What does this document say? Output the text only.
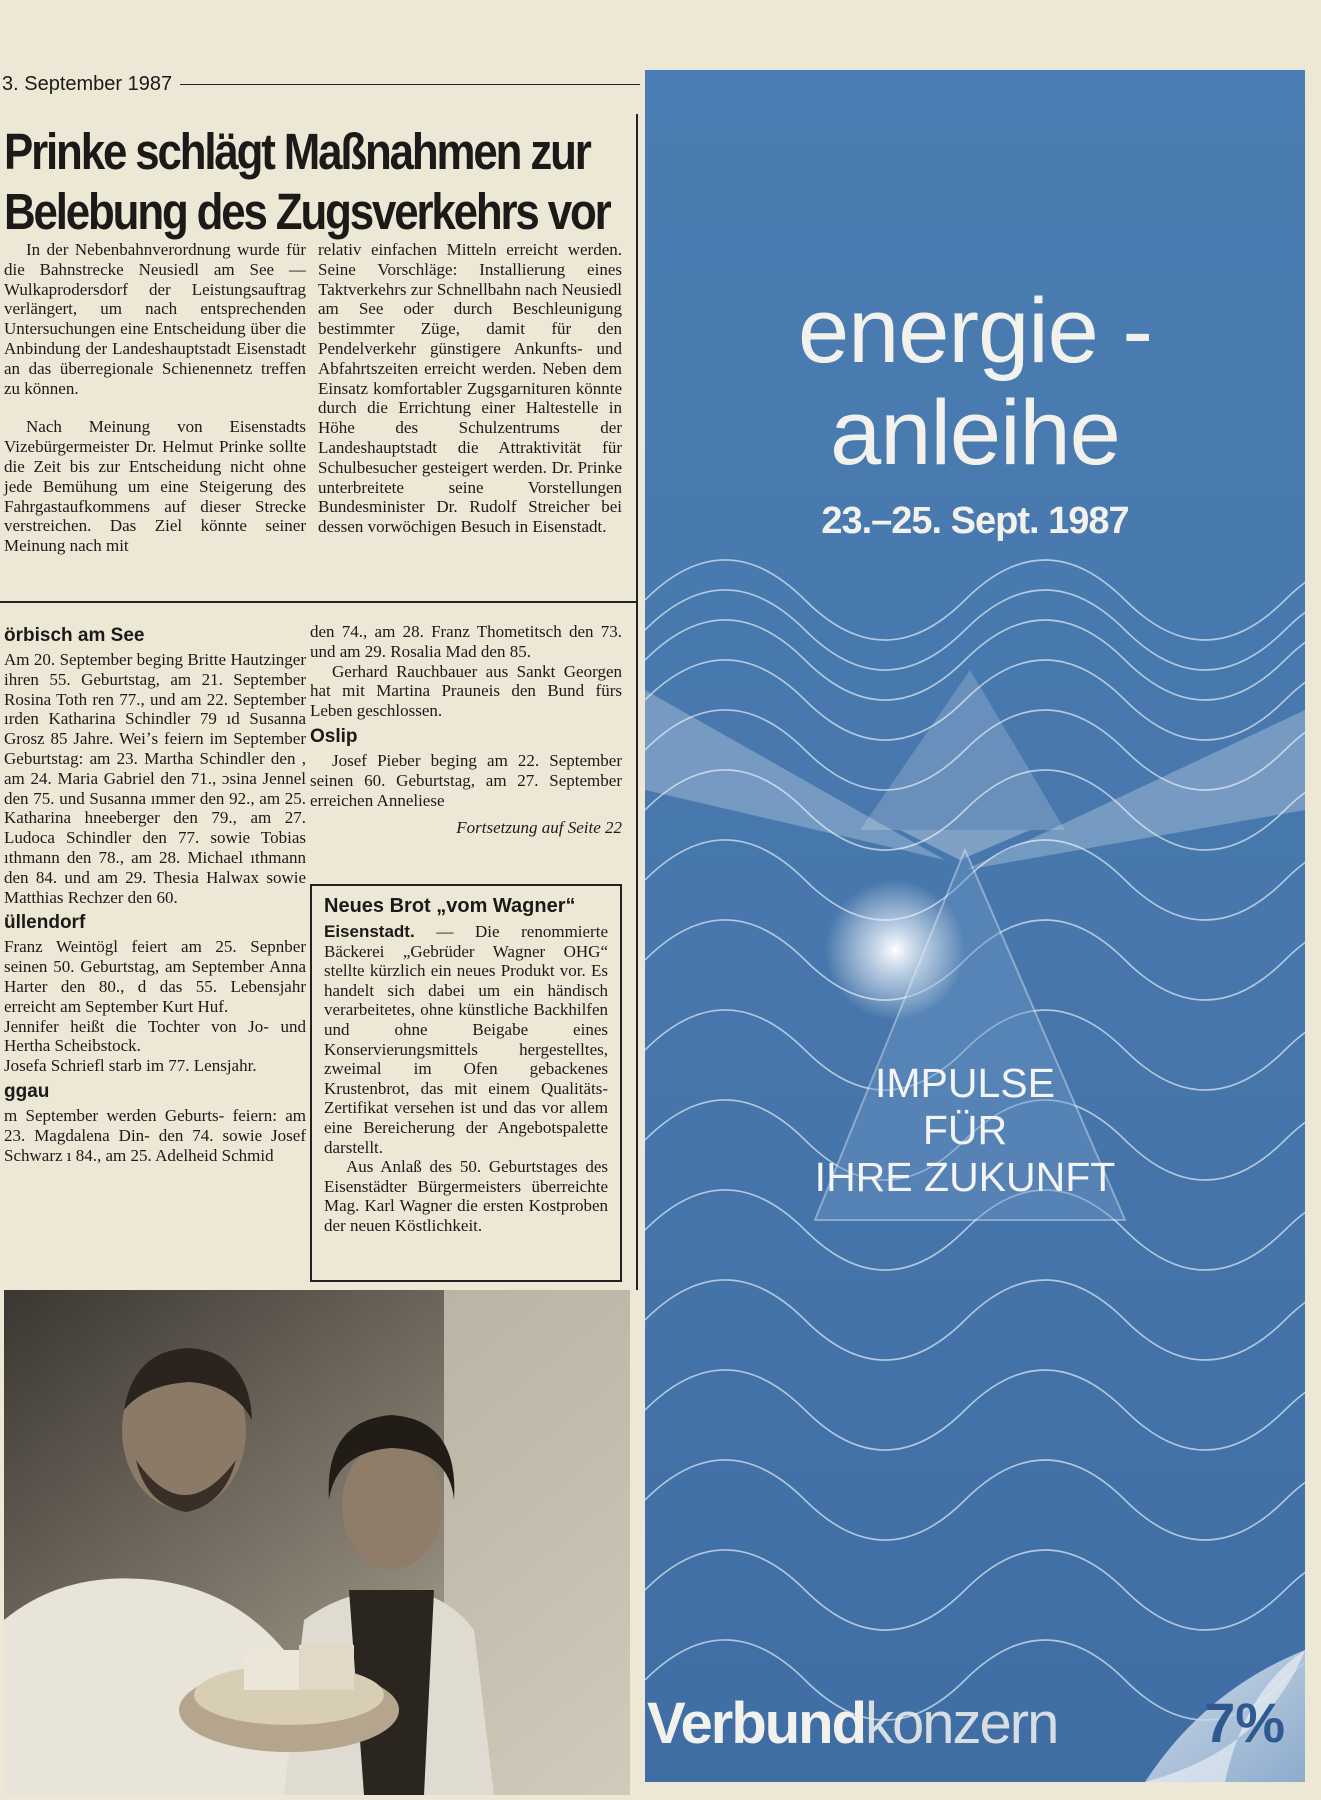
3. September 1987
Prinke schlägt Maßnahmen zur
Belebung des Zugsverkehrs vor

In der Nebenbahnverordnung wurde für die Bahnstrecke Neusiedl am See — Wulkaprodersdorf der Leistungsauftrag verlängert, um nach entsprechenden Untersuchungen eine Entscheidung über die Anbindung der Landeshauptstadt Eisenstadt an das überregionale Schienennetz treffen zu können.

Nach Meinung von Eisenstadts Vizebürgermeister Dr. Helmut Prinke sollte die Zeit bis zur Entscheidung nicht ohne jede Bemühung um eine Steigerung des Fahrgastaufkommens auf dieser Strecke verstreichen. Das Ziel könnte seiner Meinung nach mit

relativ einfachen Mitteln erreicht werden. Seine Vorschläge: Installierung eines Taktverkehrs zur Schnellbahn nach Neusiedl am See oder durch Beschleunigung bestimmter Züge, damit für den Pendelverkehr günstigere Ankunfts- und Abfahrtszeiten erreicht werden. Neben dem Einsatz komfortabler Zugsgarnituren könnte durch die Errichtung einer Haltestelle in Höhe des Schulzentrums der Landeshauptstadt die Attraktivität für Schulbesucher gesteigert werden. Dr. Prinke unterbreitete seine Vorstellungen Bundesminister Dr. Rudolf Streicher bei dessen vorwöchigen Besuch in Eisenstadt.

örbisch am See

Am 20. September beging Britte Hautzinger ihren 55. Geburtstag, am 21. September Rosina Toth ren 77., und am 22. September ırden Katharina Schindler 79 ıd Susanna Grosz 85 Jahre. Weiʼs feiern im September Geburtstag: am 23. Martha Schindler den , am 24. Maria Gabriel den 71., ɔsina Jennel den 75. und Susanna ımmer den 92., am 25. Katharina hneeberger den 79., am 27. Ludoca Schindler den 77. sowie Tobias ıthmann den 78., am 28. Michael ıthmann den 84. und am 29. Thesia Halwax sowie Matthias Rechzer den 60.

üllendorf

Franz Weintögl feiert am 25. Sepnber seinen 50. Geburtstag, am September Anna Harter den 80., d das 55. Lebensjahr erreicht am September Kurt Huf.

Jennifer heißt die Tochter von Jo- und Hertha Scheibstock.

Josefa Schriefl starb im 77. Lensjahr.

ggau

m September werden Geburts- feiern: am 23. Magdalena Din- den 74. sowie Josef Schwarz ı 84., am 25. Adelheid Schmid

den 74., am 28. Franz Thometitsch den 73. und am 29. Rosalia Mad den 85.

Gerhard Rauchbauer aus Sankt Georgen hat mit Martina Prauneis den Bund fürs Leben geschlossen.

Oslip

Josef Pieber beging am 22. September seinen 60. Geburtstag, am 27. September erreichen Anneliese

Fortsetzung auf Seite 22
Neues Brot „vom Wagner“
Eisenstadt. — Die renommierte Bäckerei „Gebrüder Wagner OHG“ stellte kürzlich ein neues Produkt vor. Es handelt sich dabei um ein händisch verarbeitetes, ohne künstliche Backhilfen und ohne Beigabe eines Konservierungsmittels hergestelltes, zweimal im Ofen gebackenes Krustenbrot, das mit einem Qualitäts-Zertifikat versehen ist und das vor allem eine Bereicherung der Angebotspalette darstellt.
Aus Anlaß des 50. Geburtstages des Eisenstädter Bürgermeisters überreichte Mag. Karl Wagner die ersten Kostproben der neuen Köstlichkeit.
energie -
anleihe
23.–25. Sept. 1987
IMPULSE
FÜR
IHRE ZUKUNFT
Verbundkonzern	7%
